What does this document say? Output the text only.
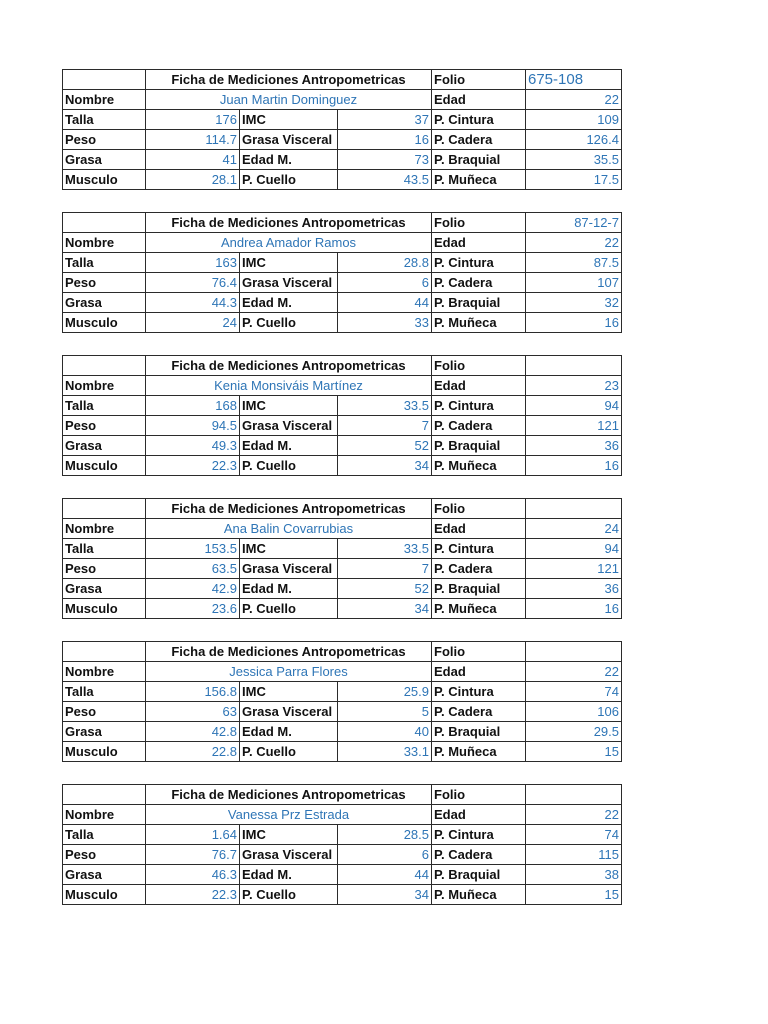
	Ficha de Mediciones Antropometricas			Folio	675-108
Nombre	Juan Martin Dominguez			Edad	22
Talla	176	IMC	37	P. Cintura	109
Peso	114.7	Grasa Visceral	16	P. Cadera	126.4
Grasa	41	Edad M.	73	P. Braquial	35.5
Musculo	28.1	P. Cuello	43.5	P. Muñeca	17.5
	Ficha de Mediciones Antropometricas			Folio	87-12-7
Nombre	Andrea Amador Ramos			Edad	22
Talla	163	IMC	28.8	P. Cintura	87.5
Peso	76.4	Grasa Visceral	6	P. Cadera	107
Grasa	44.3	Edad M.	44	P. Braquial	32
Musculo	24	P. Cuello	33	P. Muñeca	16
	Ficha de Mediciones Antropometricas			Folio	
Nombre	Kenia Monsiváis Martínez			Edad	23
Talla	168	IMC	33.5	P. Cintura	94
Peso	94.5	Grasa Visceral	7	P. Cadera	121
Grasa	49.3	Edad M.	52	P. Braquial	36
Musculo	22.3	P. Cuello	34	P. Muñeca	16
	Ficha de Mediciones Antropometricas			Folio	
Nombre	Ana Balin Covarrubias			Edad	24
Talla	153.5	IMC	33.5	P. Cintura	94
Peso	63.5	Grasa Visceral	7	P. Cadera	121
Grasa	42.9	Edad M.	52	P. Braquial	36
Musculo	23.6	P. Cuello	34	P. Muñeca	16
	Ficha de Mediciones Antropometricas			Folio	
Nombre	Jessica Parra Flores			Edad	22
Talla	156.8	IMC	25.9	P. Cintura	74
Peso	63	Grasa Visceral	5	P. Cadera	106
Grasa	42.8	Edad M.	40	P. Braquial	29.5
Musculo	22.8	P. Cuello	33.1	P. Muñeca	15
	Ficha de Mediciones Antropometricas			Folio	
Nombre	Vanessa Prz Estrada			Edad	22
Talla	1.64	IMC	28.5	P. Cintura	74
Peso	76.7	Grasa Visceral	6	P. Cadera	115
Grasa	46.3	Edad M.	44	P. Braquial	38
Musculo	22.3	P. Cuello	34	P. Muñeca	15
